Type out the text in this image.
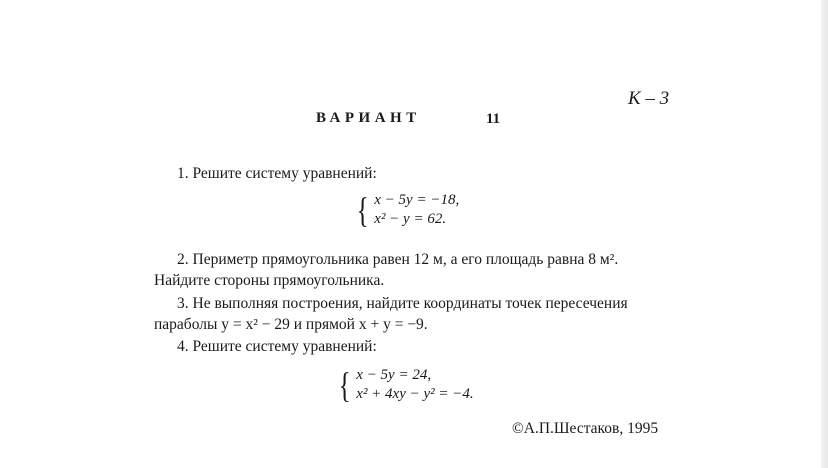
К – 3
ВАРИАНТ	11
1. Решите систему уравнений:
{ x − 5y = −18,
x² − y = 62.
2. Периметр прямоугольника равен 12 м, а его площадь равна 8 м².
Найдите стороны прямоугольника.
3. Не выполняя построения, найдите координаты точек пересечения
параболы y = x² − 29 и прямой x + y = −9.
4. Решите систему уравнений:
{ x − 5y = 24,
x² + 4xy − y² = −4.
©А.П.Шестаков, 1995
